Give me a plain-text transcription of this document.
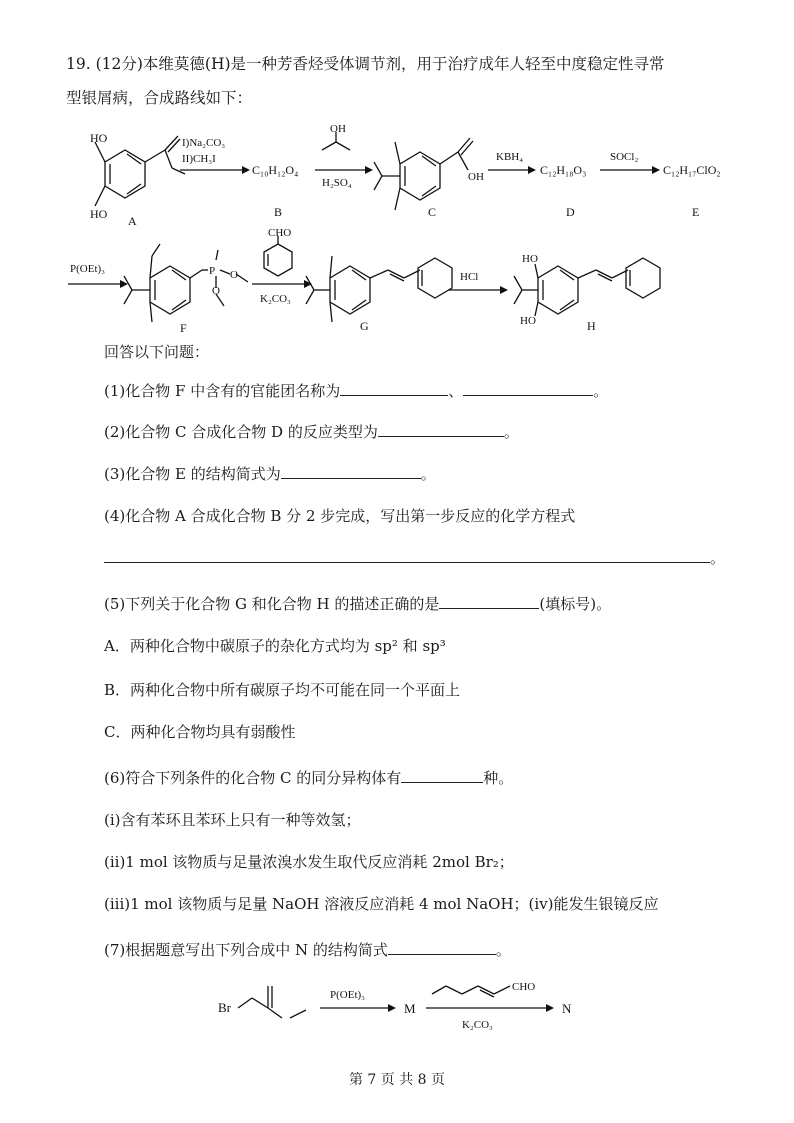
19. (12分)本维莫德(H)是一种芳香烃受体调节剂，用于治疗成年人轻至中度稳定性寻常
型银屑病，合成路线如下：
HO
HO A
I)Na₂CO₃
II)CH₃I
C₁₀H₁₂O₄
B
OH
H₂SO₄	OH
C
KBH₄
C₁₂H₁₈O₃
D
SOCl₂
C₁₂H₁₇ClO₂
E
P(OEt)₃	P O
O
F
CHO
K₂CO₃
G
HCl
HO
HO	H
回答以下问题：
(1)化合物 F 中含有的官能团名称为	、	。
(2)化合物 C 合成化合物 D 的反应类型为	。
(3)化合物 E 的结构简式为	。
(4)化合物 A 合成化合物 B 分 2 步完成，写出第一步反应的化学方程式
。
(5)下列关于化合物 G 和化合物 H 的描述正确的是	(填标号)。
A．两种化合物中碳原子的杂化方式均为 sp² 和 sp³
B．两种化合物中所有碳原子均不可能在同一个平面上
C．两种化合物均具有弱酸性
(6)符合下列条件的化合物 C 的同分异构体有	种。
(i)含有苯环且苯环上只有一种等效氢；
(ii)1 mol 该物质与足量浓溴水发生取代反应消耗 2mol Br₂；
(iii)1 mol 该物质与足量 NaOH 溶液反应消耗 4 mol NaOH；(iv)能发生银镜反应
(7)根据题意写出下列合成中 N 的结构简式	。
Br
P(OEt)₃
M
CHO
K₂CO₃
N
第 7 页 共 8 页
